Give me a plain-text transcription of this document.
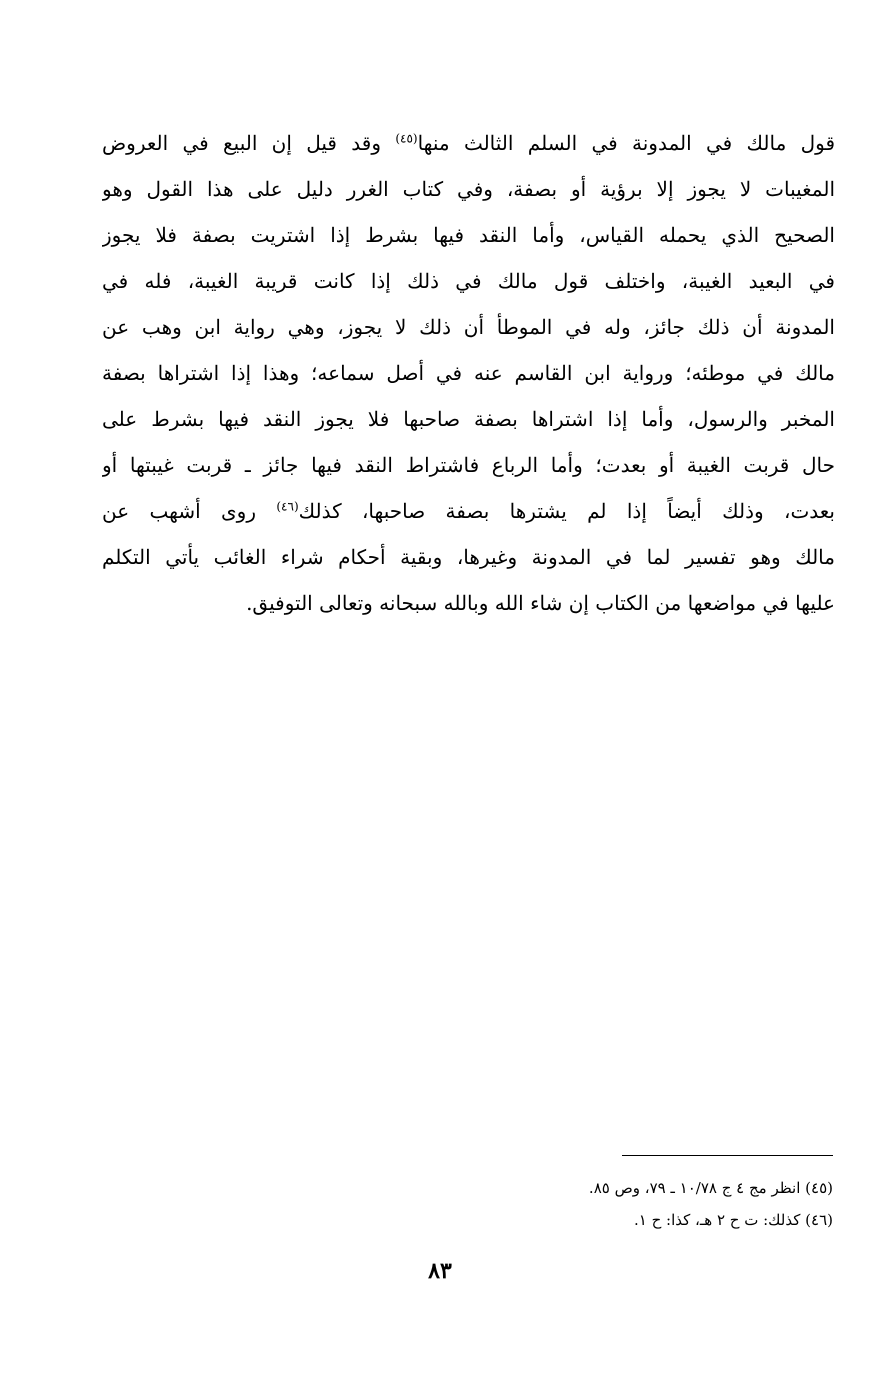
قول مالك في المدونة في السلم الثالث منها$^{(٤٥)}$ وقد قيل إن البيع في العروض
المغيبات لا يجوز إلا برؤية أو بصفة، وفي كتاب الغرر دليل على هذا القول وهو
الصحيح الذي يحمله القياس، وأما النقد فيها بشرط إذا اشتريت بصفة فلا يجوز
في البعيد الغيبة، واختلف قول مالك في ذلك إذا كانت قريبة الغيبة، فله في
المدونة أن ذلك جائز، وله في الموطأ أن ذلك لا يجوز، وهي رواية ابن وهب عن
مالك في موطئه؛ ورواية ابن القاسم عنه في أصل سماعه؛ وهذا إذا اشتراها بصفة
المخبر والرسول، وأما إذا اشتراها بصفة صاحبها فلا يجوز النقد فيها بشرط على
حال قربت الغيبة أو بعدت؛ وأما الرباع فاشتراط النقد فيها جائز ـ قربت غيبتها أو
بعدت، وذلك أيضاً إذا لم يشترها بصفة صاحبها، كذلك$^{(٤٦)}$ روى أشهب عن
مالك وهو تفسير لما في المدونة وغيرها، وبقية أحكام شراء الغائب يأتي التكلم
عليها في مواضعها من الكتاب إن شاء الله وبالله سبحانه وتعالى التوفيق.
(٤٥) انظر مج ٤ ج ١٠/٧٨ ـ ٧٩، وص ٨٥.
(٤٦) كذلك: ت ح ٢ هـ، كذا: ح ١.
٨٣
